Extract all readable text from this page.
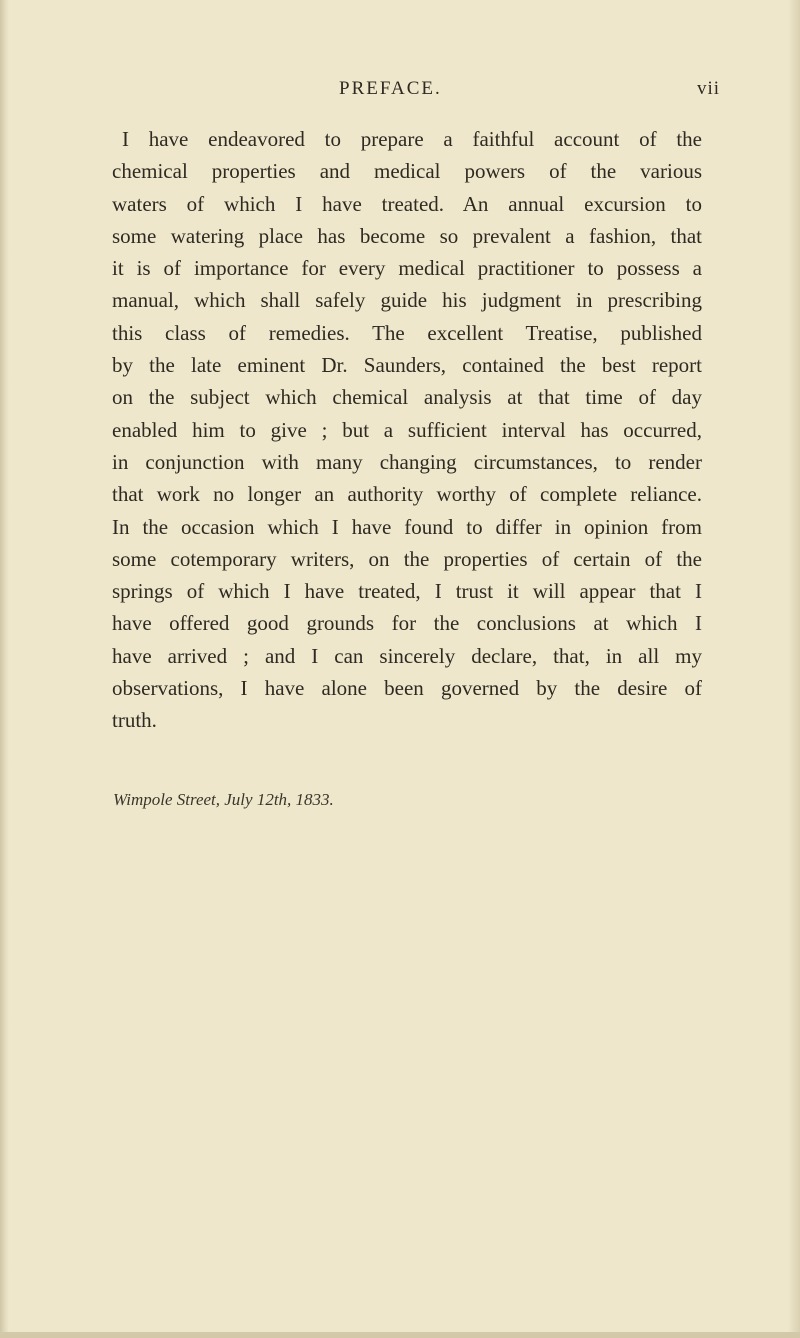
PREFACE.	vii
I have endeavored to prepare a faithful account of the
chemical properties and medical powers of the various
waters of which I have treated. An annual excursion to
some watering place has become so prevalent a fashion, that
it is of importance for every medical practitioner to possess a
manual, which shall safely guide his judgment in prescribing
this class of remedies. The excellent Treatise, published
by the late eminent Dr. Saunders, contained the best report
on the subject which chemical analysis at that time of day
enabled him to give ; but a sufficient interval has occurred,
in conjunction with many changing circumstances, to render
that work no longer an authority worthy of complete reliance.
In the occasion which I have found to differ in opinion from
some cotemporary writers, on the properties of certain of the
springs of which I have treated, I trust it will appear that I
have offered good grounds for the conclusions at which I
have arrived ; and I can sincerely declare, that, in all my
observations, I have alone been governed by the desire of
truth.
Wimpole Street, July 12th, 1833.
